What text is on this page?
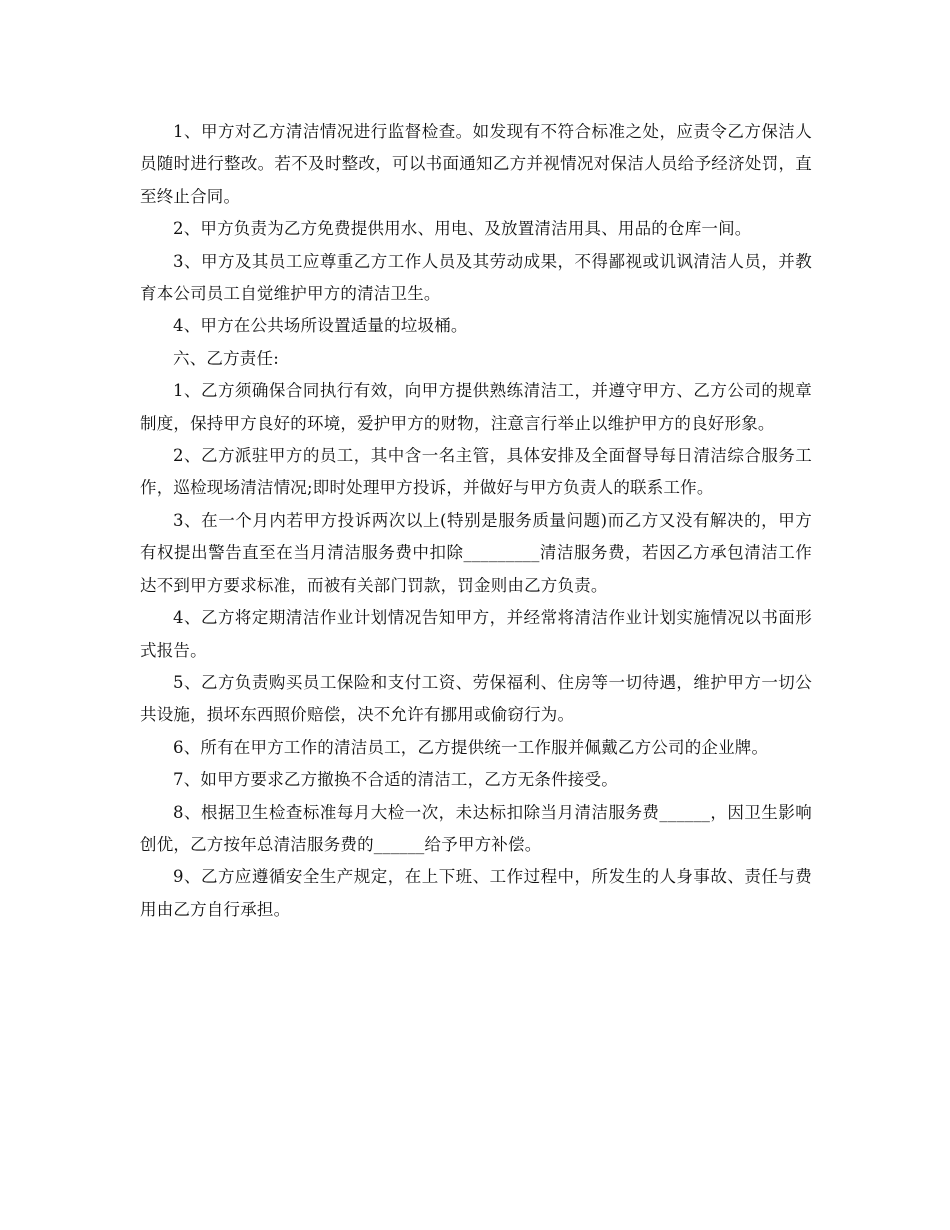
1、甲方对乙方清洁情况进行监督检查。如发现有不符合标准之处，应责令乙方保洁人员随时进行整改。若不及时整改，可以书面通知乙方并视情况对保洁人员给予经济处罚，直至终止合同。

2、甲方负责为乙方免费提供用水、用电、及放置清洁用具、用品的仓库一间。

3、甲方及其员工应尊重乙方工作人员及其劳动成果，不得鄙视或讥讽清洁人员，并教育本公司员工自觉维护甲方的清洁卫生。

4、甲方在公共场所设置适量的垃圾桶。

六、乙方责任:

1、乙方须确保合同执行有效，向甲方提供熟练清洁工，并遵守甲方、乙方公司的规章制度，保持甲方良好的环境，爱护甲方的财物，注意言行举止以维护甲方的良好形象。

2、乙方派驻甲方的员工，其中含一名主管，具体安排及全面督导每日清洁综合服务工作，巡检现场清洁情况;即时处理甲方投诉，并做好与甲方负责人的联系工作。

3、在一个月内若甲方投诉两次以上(特别是服务质量问题)而乙方又没有解决的，甲方有权提出警告直至在当月清洁服务费中扣除_________清洁服务费，若因乙方承包清洁工作达不到甲方要求标准，而被有关部门罚款，罚金则由乙方负责。

4、乙方将定期清洁作业计划情况告知甲方，并经常将清洁作业计划实施情况以书面形式报告。

5、乙方负责购买员工保险和支付工资、劳保福利、住房等一切待遇，维护甲方一切公共设施，损坏东西照价赔偿，决不允许有挪用或偷窃行为。

6、所有在甲方工作的清洁员工，乙方提供统一工作服并佩戴乙方公司的企业牌。

7、如甲方要求乙方撤换不合适的清洁工，乙方无条件接受。

8、根据卫生检查标准每月大检一次，未达标扣除当月清洁服务费______，因卫生影响创优，乙方按年总清洁服务费的______给予甲方补偿。

9、乙方应遵循安全生产规定，在上下班、工作过程中，所发生的人身事故、责任与费用由乙方自行承担。
